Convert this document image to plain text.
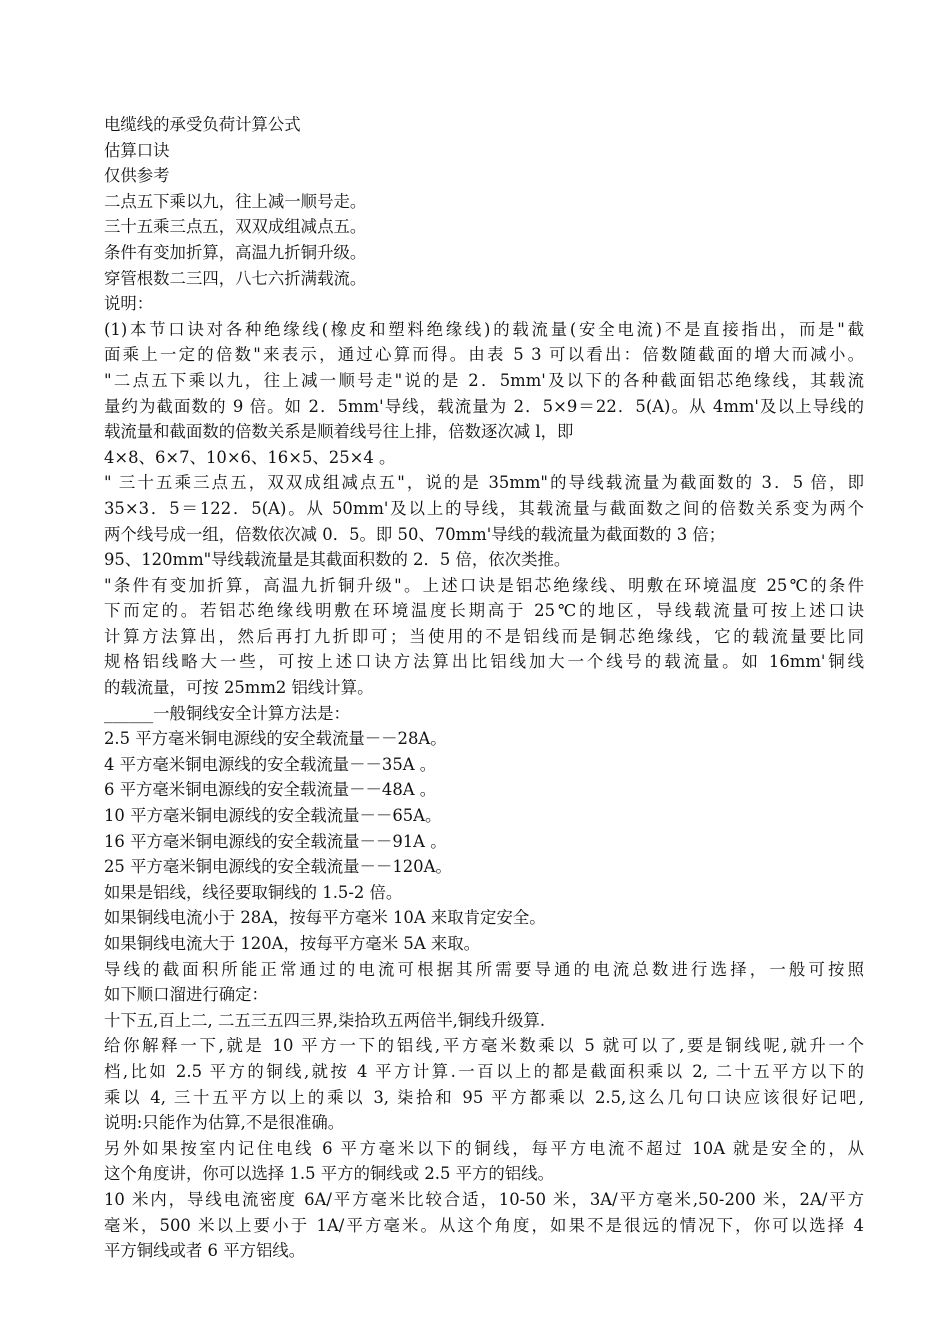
电缆线的承受负荷计算公式
估算口诀
仅供参考
二点五下乘以九，往上减一顺号走。
三十五乘三点五，双双成组减点五。
条件有变加折算，高温九折铜升级。
穿管根数二三四，八七六折满载流。
说明：
(1)本节口诀对各种绝缘线(橡皮和塑料绝缘线)的载流量(安全电流)不是直接指出，而是"截
面乘上一定的倍数"来表示，通过心算而得。由表 5 3 可以看出：倍数随截面的增大而减小。
"二点五下乘以九，往上减一顺号走"说的是 2．5mm'及以下的各种截面铝芯绝缘线，其载流
量约为截面数的 9 倍。如 2．5mm'导线，载流量为 2．5×9＝22．5(A)。从 4mm'及以上导线的
载流量和截面数的倍数关系是顺着线号往上排，倍数逐次减 l，即
4×8、6×7、10×6、16×5、25×4 。
" 三十五乘三点五，双双成组减点五"，说的是 35mm"的导线载流量为截面数的 3．5 倍，即
35×3．5＝122．5(A)。从 50mm'及以上的导线，其载流量与截面数之间的倍数关系变为两个
两个线号成一组，倍数依次减 0．5。即 50、70mm'导线的载流量为截面数的 3 倍；
95、120mm"导线载流量是其截面积数的 2．5 倍，依次类推。
"条件有变加折算，高温九折铜升级"。上述口诀是铝芯绝缘线、明敷在环境温度 25℃的条件
下而定的。若铝芯绝缘线明敷在环境温度长期高于 25℃的地区，导线载流量可按上述口诀
计算方法算出，然后再打九折即可；当使用的不是铝线而是铜芯绝缘线，它的载流量要比同
规格铝线略大一些，可按上述口诀方法算出比铝线加大一个线号的载流量。如 16mm'铜线
的载流量，可按 25mm2 铝线计算。
______一般铜线安全计算方法是：
2.5 平方毫米铜电源线的安全载流量－－28A。
4 平方毫米铜电源线的安全载流量－－35A 。
6 平方毫米铜电源线的安全载流量－－48A 。
10 平方毫米铜电源线的安全载流量－－65A。
16 平方毫米铜电源线的安全载流量－－91A 。
25 平方毫米铜电源线的安全载流量－－120A。
如果是铝线，线径要取铜线的 1.5-2 倍。
如果铜线电流小于 28A，按每平方毫米 10A 来取肯定安全。
如果铜线电流大于 120A，按每平方毫米 5A 来取。
导线的截面积所能正常通过的电流可根据其所需要导通的电流总数进行选择，一般可按照
如下顺口溜进行确定：
十下五,百上二, 二五三五四三界,柒拾玖五两倍半,铜线升级算.
给你解释一下,就是 10 平方一下的铝线,平方毫米数乘以 5 就可以了,要是铜线呢,就升一个
档,比如 2.5 平方的铜线,就按 4 平方计算.一百以上的都是截面积乘以 2, 二十五平方以下的
乘以 4, 三十五平方以上的乘以 3, 柒拾和 95 平方都乘以 2.5,这么几句口诀应该很好记吧,
说明:只能作为估算,不是很准确。
另外如果按室内记住电线 6 平方毫米以下的铜线，每平方电流不超过 10A 就是安全的，从
这个角度讲，你可以选择 1.5 平方的铜线或 2.5 平方的铝线。
10 米内，导线电流密度 6A/平方毫米比较合适，10-50 米，3A/平方毫米,50-200 米，2A/平方
毫米，500 米以上要小于 1A/平方毫米。从这个角度，如果不是很远的情况下，你可以选择 4
平方铜线或者 6 平方铝线。
